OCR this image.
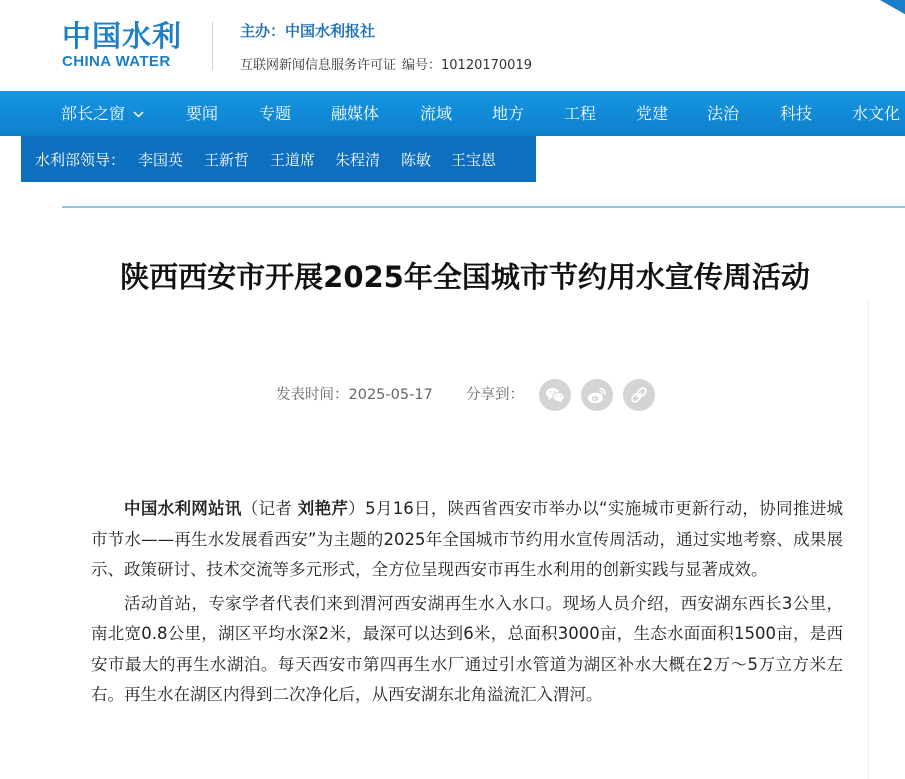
中国水利
CHINA WATER
主办：中国水利报社
互联网新闻信息服务许可证 编号：10120170019
部长之窗	要闻	专题 融媒体	流域 地方 工程 党建 法治	科技 水文化
水利部领导： 李国英 王新哲 王道席 朱程清 陈敏 王宝恩
陕西西安市开展2025年全国城市节约用水宣传周活动
发表时间：2025-05-17 分享到：

中国水利网站讯（记者 刘艳芹）5月16日，陕西省西安市举办以“实施城市更新行动，协同推进城市节水——再生水发展看西安”为主题的2025年全国城市节约用水宣传周活动，通过实地考察、成果展示、政策研讨、技术交流等多元形式，全方位呈现西安市再生水利用的创新实践与显著成效。

活动首站，专家学者代表们来到渭河西安湖再生水入水口。现场人员介绍，西安湖东西长3公里，南北宽0.8公里，湖区平均水深2米，最深可以达到6米，总面积3000亩，生态水面面积1500亩，是西安市最大的再生水湖泊。每天西安市第四再生水厂通过引水管道为湖区补水大概在2万～5万立方米左右。再生水在湖区内得到二次净化后，从西安湖东北角溢流汇入渭河。
